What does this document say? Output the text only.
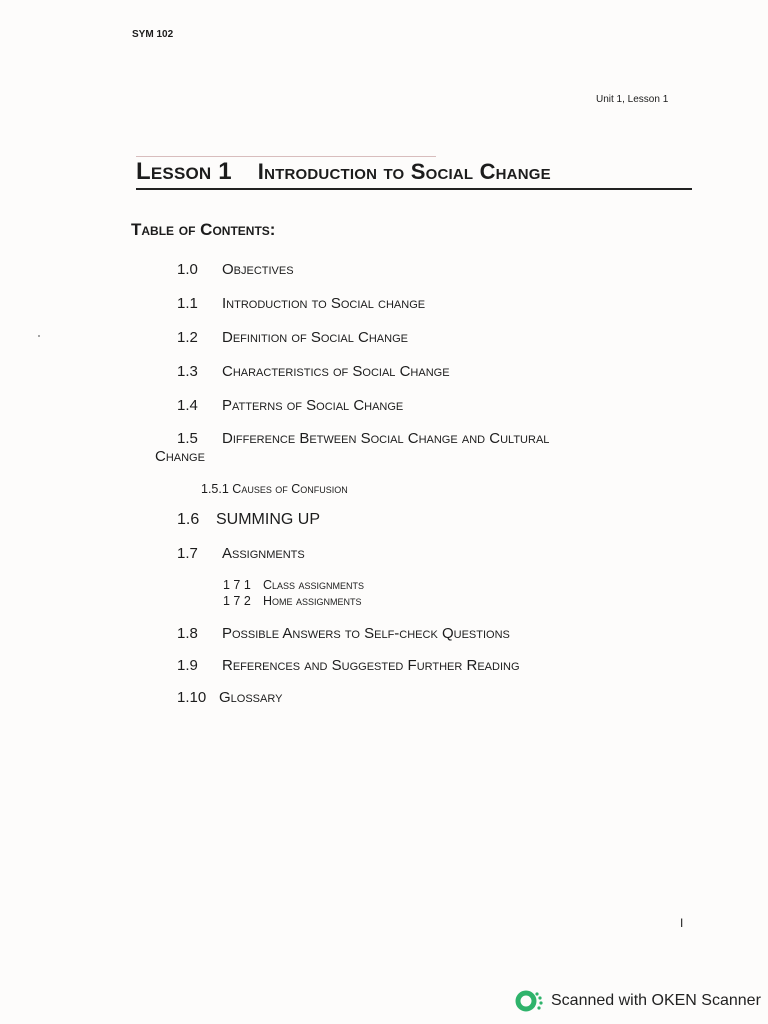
SYM 102
Unit 1, Lesson 1
Lesson 1 Introduction to Social Change
Table of Contents:
1.0 Objectives
1.1 Introduction to Social change
1.2 Definition of Social Change
1.3 Characteristics of Social Change
1.4 Patterns of Social Change
1.5 Difference Between Social Change and Cultural
Change
1.5.1 Causes of Confusion
1.6 SUMMING UP
1.7 Assignments
1 7 1 Class assignments
1 7 2 Home assignments
1.8 Possible Answers to Self-check Questions
1.9 References and Suggested Further Reading
1.10 Glossary
I
Scanned with OKEN Scanner
